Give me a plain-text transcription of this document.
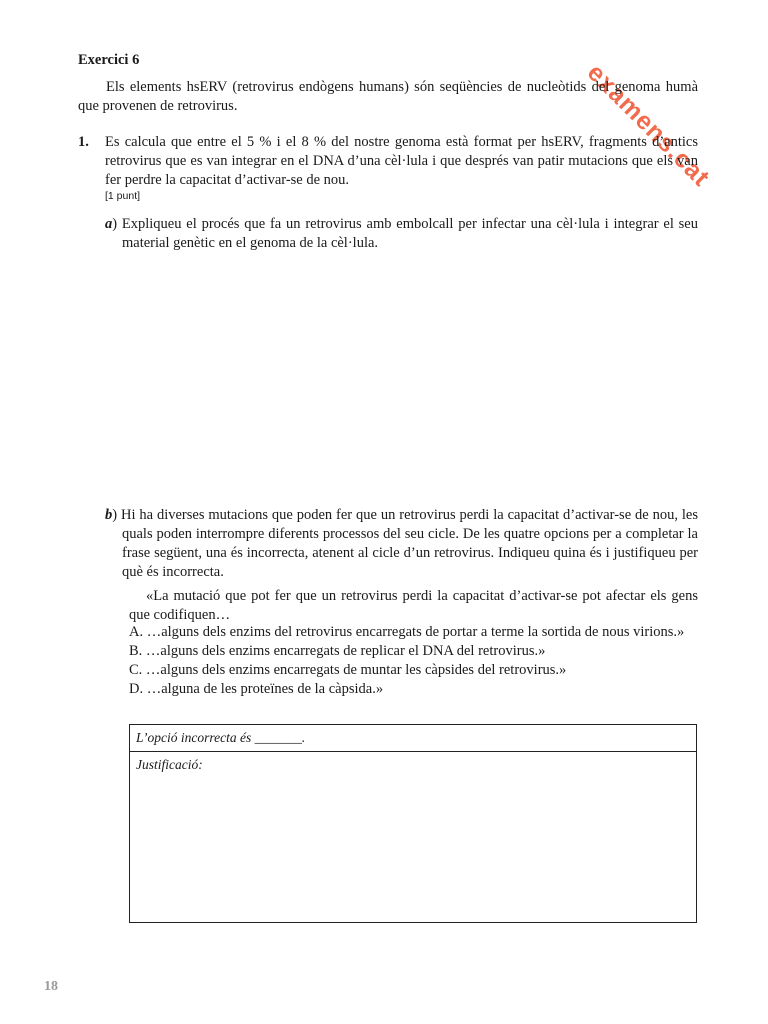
examens.cat
Exercici 6
Els elements hsERV (retrovirus endògens humans) són seqüències de nucleòtids del genoma humà que provenen de retrovirus.
1. Es calcula que entre el 5 % i el 8 % del nostre genoma està format per hsERV, fragments d’antics retrovirus que es van integrar en el DNA d’una cèl·lula i que després van patir mutacions que els van fer perdre la capacitat d’activar-se de nou.
[1 punt]
a) Expliqueu el procés que fa un retrovirus amb embolcall per infectar una cèl·lula i integrar el seu material genètic en el genoma de la cèl·lula.
b) Hi ha diverses mutacions que poden fer que un retrovirus perdi la capacitat d’activar-se de nou, les quals poden interrompre diferents processos del seu cicle. De les quatre opcions per a completar la frase següent, una és incorrecta, atenent al cicle d’un retrovirus. Indiqueu quina és i justifiqueu per què és incorrecta.
«La mutació que pot fer que un retrovirus perdi la capacitat d’activar-se pot afectar els gens que codifiquen…
A. …alguns dels enzims del retrovirus encarregats de portar a terme la sortida de nous virions.»
B. …alguns dels enzims encarregats de replicar el DNA del retrovirus.»
C. …alguns dels enzims encarregats de muntar les càpsides del retrovirus.»
D. …alguna de les proteïnes de la càpsida.»
L’opció incorrecta és _______.
Justificació:
18
